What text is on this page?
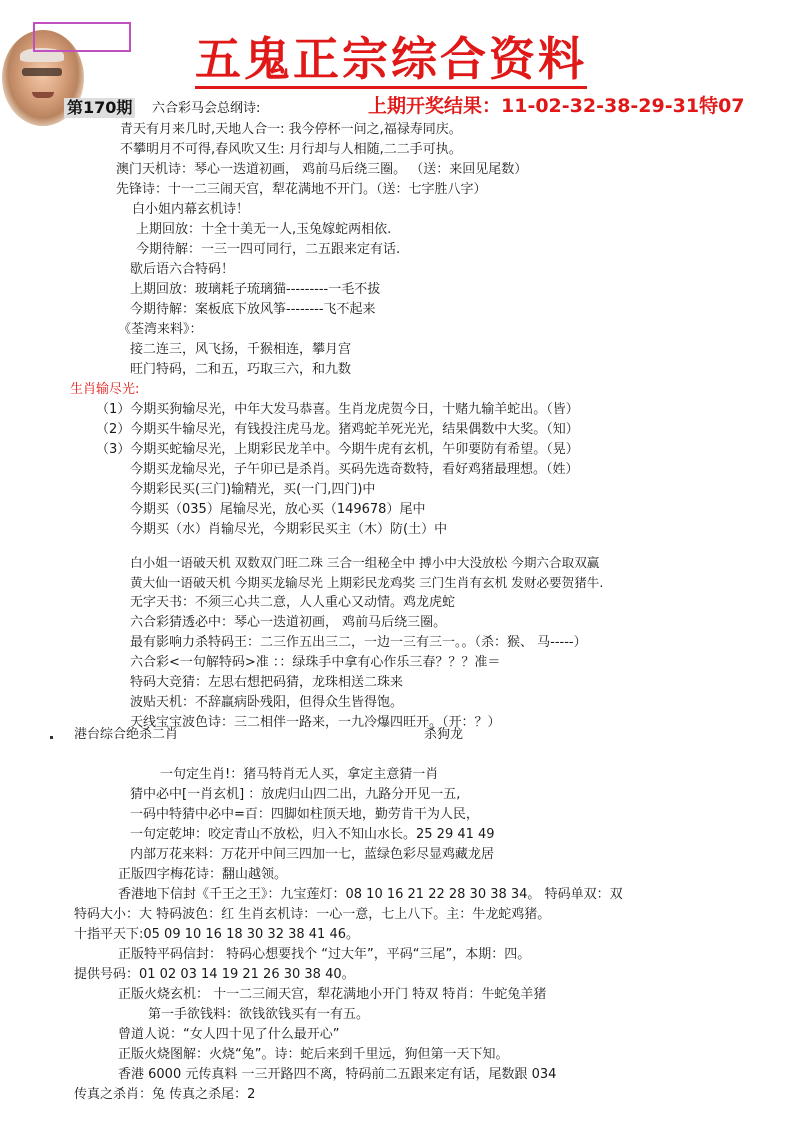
五鬼正宗综合资料
第170期 六合彩马会总纲诗:	上期开奖结果：11-02-32-38-29-31特07
青天有月来几时,天地人合一: 我今停杯一问之,福禄寿同庆。
不攀明月不可得,春风吹又生: 月行却与人相随,二二手可执。
澳门天机诗：琴心一迭道初画， 鸡前马后绕三圈。 （送：来回见尾数）
先锋诗：十一二三闹天宫，犁花满地不开门。（送：七字胜八字）
白小姐内幕玄机诗！
上期回放：十全十美无一人,玉兔嫁蛇两相依.
今期待解：一三一四可同行，二五跟来定有话.
歇后语六合特码！
上期回放：玻璃耗子琉璃猫---------一毛不拔
今期待解：案板底下放风筝--------飞不起来
《荃湾来料》：
接二连三，风飞扬，千猴相连，攀月宫
旺门特码，二和五，巧取三六，和九数
生肖输尽光:
（1）今期买狗输尽光，中年大发马恭喜。生肖龙虎贺今日，十赌九输羊蛇出。（皆）
（2）今期买牛输尽光，有钱投注虎马龙。猪鸡蛇羊死光光，结果偶数中大奖。（知）
（3）今期买蛇输尽光，上期彩民龙羊中。今期牛虎有玄机，午卯要防有希望。（晃）
今期买龙输尽光，子午卯已是杀肖。买码先选奇数特，看好鸡猪最理想。（姓）
今期彩民买(三门)输精光，买(一门,四门)中
今期买（035）尾输尽光，放心买（149678）尾中
今期买（水）肖输尽光，今期彩民买主（木）防(土）中
白小姐一语破天机 双数双门旺二珠 三合一组秘全中 搏小中大没放松 今期六合取双赢
黄大仙一语破天机 今期买龙输尽光 上期彩民龙鸡奖 三门生肖有玄机 发财必要贺猪牛.
无字天书：不须三心共二意，人人重心又动情。鸡龙虎蛇
六合彩猜透必中：琴心一迭道初画， 鸡前马后绕三圈。
最有影响力杀特码王：二三作五出三二，一边一三有三一。。（杀：猴、 马-----）
六合彩<一句解特码>准 ：：绿珠手中拿有心作乐三春？？？准＝
特码大竞猜：左思右想把码猜，龙珠相送二珠来
波贴天机：不辞羸病卧残阳，但得众生皆得饱。
天线宝宝波色诗：三二相伴一路来，一九冷爆四旺开。（开：？）
港台综合绝杀二肖	杀狗龙
一句定生肖!：猪马特肖无人买，拿定主意猜一肖
猜中必中[一肖玄机] ：放虎归山四二出，九路分开见一五,
一码中特猜中必中=百：四脚如柱顶天地，勤劳肯干为人民，
一句定乾坤：咬定青山不放松，归入不知山水长。25 29 41 49
内部万花来料：万花开中间三四加一七，蓝绿色彩尽显鸡藏龙居
正版四字梅花诗：翻山越领。
香港地下信封《千王之王》：九宝莲灯：08 10 16 21 22 28 30 38 34。 特码单双：双
特码大小：大 特码波色：红 生肖玄机诗：一心一意，七上八下。主：牛龙蛇鸡猪。
十指平天下:05 09 10 16 18 30 32 38 41 46。
正版特平码信封： 特码心想要找个 “过大年”，平码“三尾”，本期：四。
提供号码：01 02 03 14 19 21 26 30 38 40。
正版火烧玄机： 十一二三闹天宫，犁花满地小开门 特双 特肖：牛蛇兔羊猪
第一手欲钱料：欲钱欲钱买有一有五。
曾道人说：“女人四十见了什么最开心”
正版火烧图解：火烧“兔”。诗：蛇后来到千里远，狗但第一天下知。
香港 6000 元传真料 一三开路四不离，特码前二五跟来定有话，尾数跟 034
传真之杀肖：兔 传真之杀尾：2
